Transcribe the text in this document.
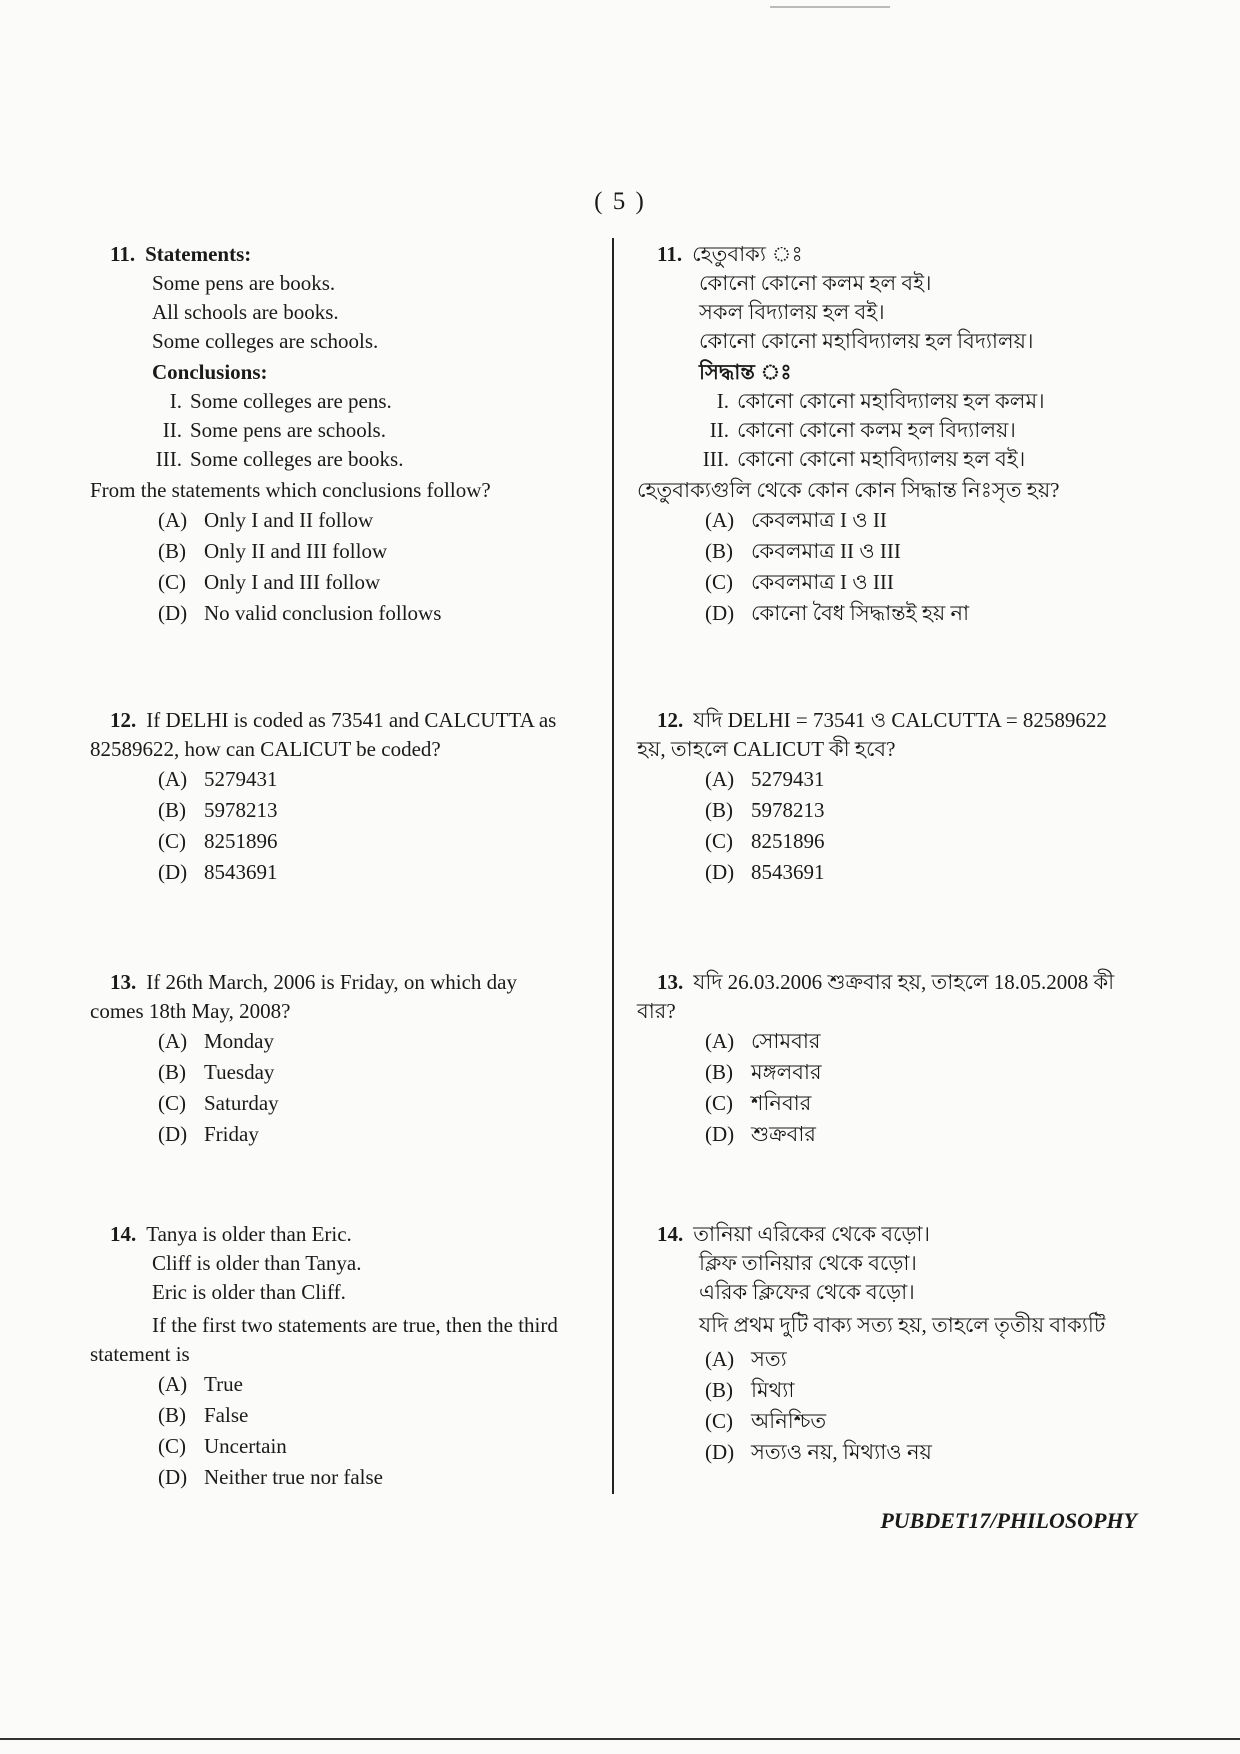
( 5 )
11. Statements:
Some pens are books.
All schools are books.
Some colleges are schools.
Conclusions:
I. Some colleges are pens.
II. Some pens are schools.
III. Some colleges are books.
From the statements which conclusions follow?
(A) Only I and II follow
(B) Only II and III follow
(C) Only I and III follow
(D) No valid conclusion follows
12. If DELHI is coded as 73541 and CALCUTTA as
82589622, how can CALICUT be coded?
(A) 5279431
(B) 5978213
(C) 8251896
(D) 8543691
13. If 26th March, 2006 is Friday, on which day
comes 18th May, 2008?
(A) Monday
(B) Tuesday
(C) Saturday
(D) Friday
14. Tanya is older than Eric.
Cliff is older than Tanya.
Eric is older than Cliff.
If the first two statements are true, then the third
statement is
(A) True
(B) False
(C) Uncertain
(D) Neither true nor false
11. হেতুবাক্য ঃ
কোনো কোনো কলম হল বই।
সকল বিদ্যালয় হল বই।
কোনো কোনো মহাবিদ্যালয় হল বিদ্যালয়।
সিদ্ধান্ত ঃ
I. কোনো কোনো মহাবিদ্যালয় হল কলম।
II. কোনো কোনো কলম হল বিদ্যালয়।
III. কোনো কোনো মহাবিদ্যালয় হল বই।
হেতুবাক্যগুলি থেকে কোন কোন সিদ্ধান্ত নিঃসৃত হয়?
(A) কেবলমাত্র I ও II
(B) কেবলমাত্র II ও III
(C) কেবলমাত্র I ও III
(D) কোনো বৈধ সিদ্ধান্তই হয় না
12. যদি DELHI = 73541 ও CALCUTTA = 82589622
হয়, তাহলে CALICUT কী হবে?
(A) 5279431
(B) 5978213
(C) 8251896
(D) 8543691
13. যদি 26.03.2006 শুক্রবার হয়, তাহলে 18.05.2008 কী
বার?
(A) সোমবার
(B) মঙ্গলবার
(C) শনিবার
(D) শুক্রবার
14. তানিয়া এরিকের থেকে বড়ো।
ক্লিফ তানিয়ার থেকে বড়ো।
এরিক ক্লিফের থেকে বড়ো।
যদি প্রথম দুটি বাক্য সত্য হয়, তাহলে তৃতীয় বাক্যটি
(A) সত্য
(B) মিথ্যা
(C) অনিশ্চিত
(D) সত্যও নয়, মিথ্যাও নয়
PUBDET17/PHILOSOPHY
